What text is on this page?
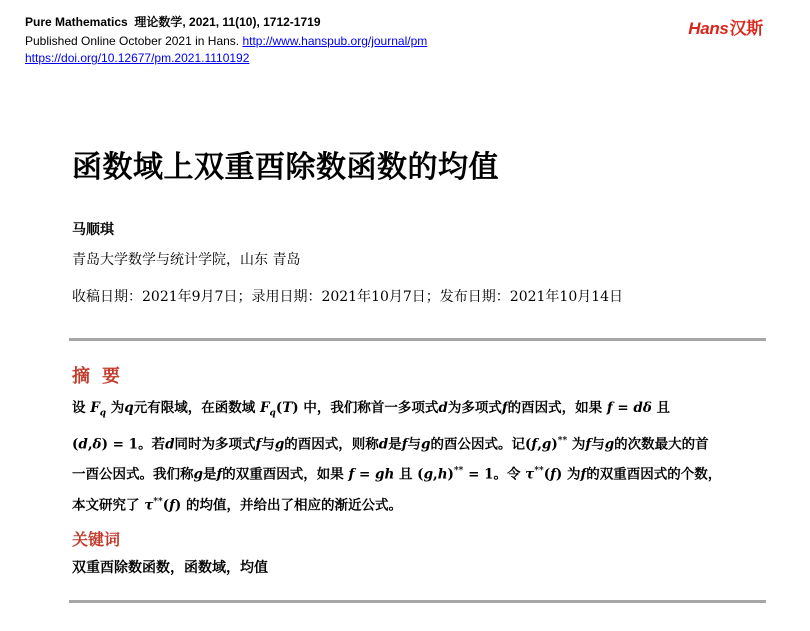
Pure Mathematics 理论数学, 2021, 11(10), 1712-1719
Published Online October 2021 in Hans. http://www.hanspub.org/journal/pm
https://doi.org/10.12677/pm.2021.1110192
Hans汉斯
函数域上双重酉除数函数的均值
马顺琪
青岛大学数学与统计学院，山东 青岛
收稿日期：2021年9月7日；录用日期：2021年10月7日；发布日期：2021年10月14日
摘要
设 $F_q$ 为q元有限域，在函数域 $F_q(T)$ 中，我们称首一多项式d为多项式f的酉因式，如果 f = dδ 且
(d,δ) = 1。若d同时为多项式f与g的酉因式，则称d是f与g的酉公因式。记(f,g)** 为f与g的次数最大的首
一酉公因式。我们称g是f的双重酉因式，如果 f = gh 且 (g,h)** = 1。令 τ**(f) 为f的双重酉因式的个数，
本文研究了 τ**(f) 的均值，并给出了相应的渐近公式。
关键词
双重酉除数函数，函数域，均值
